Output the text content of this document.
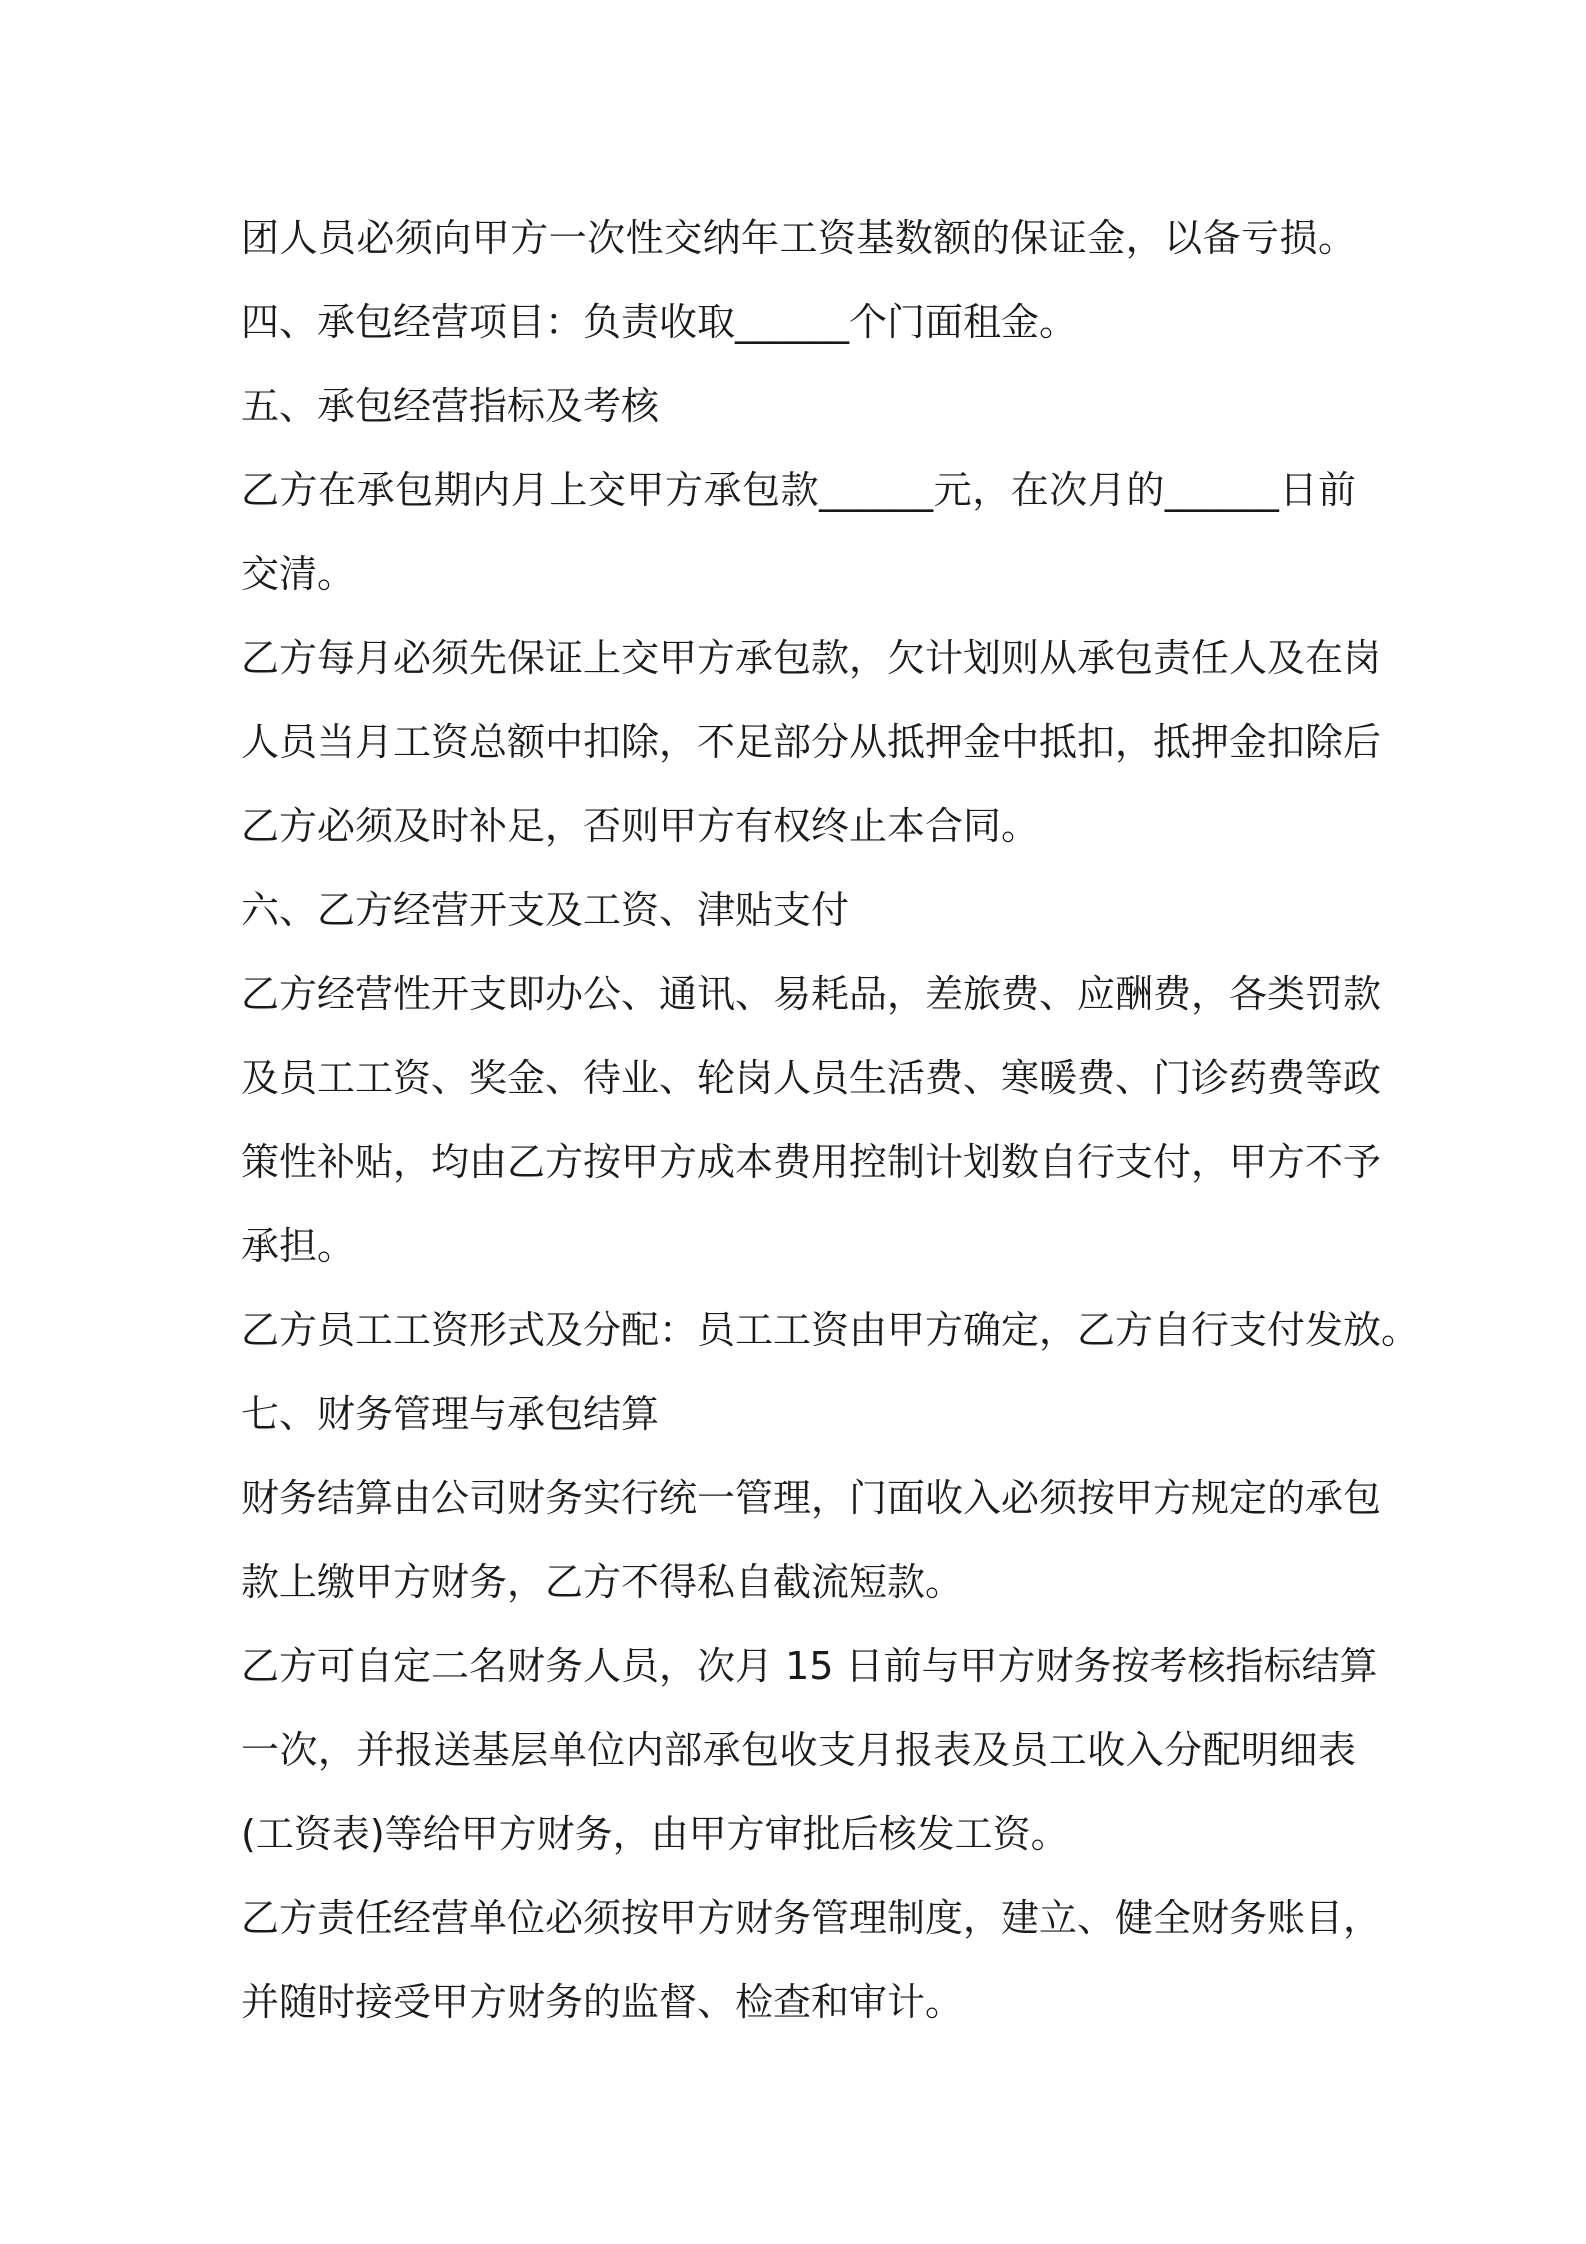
团人员必须向甲方一次性交纳年工资基数额的保证金，以备亏损。
四、承包经营项目：负责收取______个门面租金。
五、承包经营指标及考核
乙方在承包期内月上交甲方承包款______元，在次月的______日前
交清。
乙方每月必须先保证上交甲方承包款，欠计划则从承包责任人及在岗
人员当月工资总额中扣除，不足部分从抵押金中抵扣，抵押金扣除后
乙方必须及时补足，否则甲方有权终止本合同。
六、乙方经营开支及工资、津贴支付
乙方经营性开支即办公、通讯、易耗品，差旅费、应酬费，各类罚款
及员工工资、奖金、待业、轮岗人员生活费、寒暖费、门诊药费等政
策性补贴，均由乙方按甲方成本费用控制计划数自行支付，甲方不予
承担。
乙方员工工资形式及分配：员工工资由甲方确定，乙方自行支付发放。
七、财务管理与承包结算
财务结算由公司财务实行统一管理，门面收入必须按甲方规定的承包
款上缴甲方财务，乙方不得私自截流短款。
乙方可自定二名财务人员，次月 15 日前与甲方财务按考核指标结算
一次，并报送基层单位内部承包收支月报表及员工收入分配明细表
(工资表)等给甲方财务，由甲方审批后核发工资。
乙方责任经营单位必须按甲方财务管理制度，建立、健全财务账目，
并随时接受甲方财务的监督、检查和审计。
